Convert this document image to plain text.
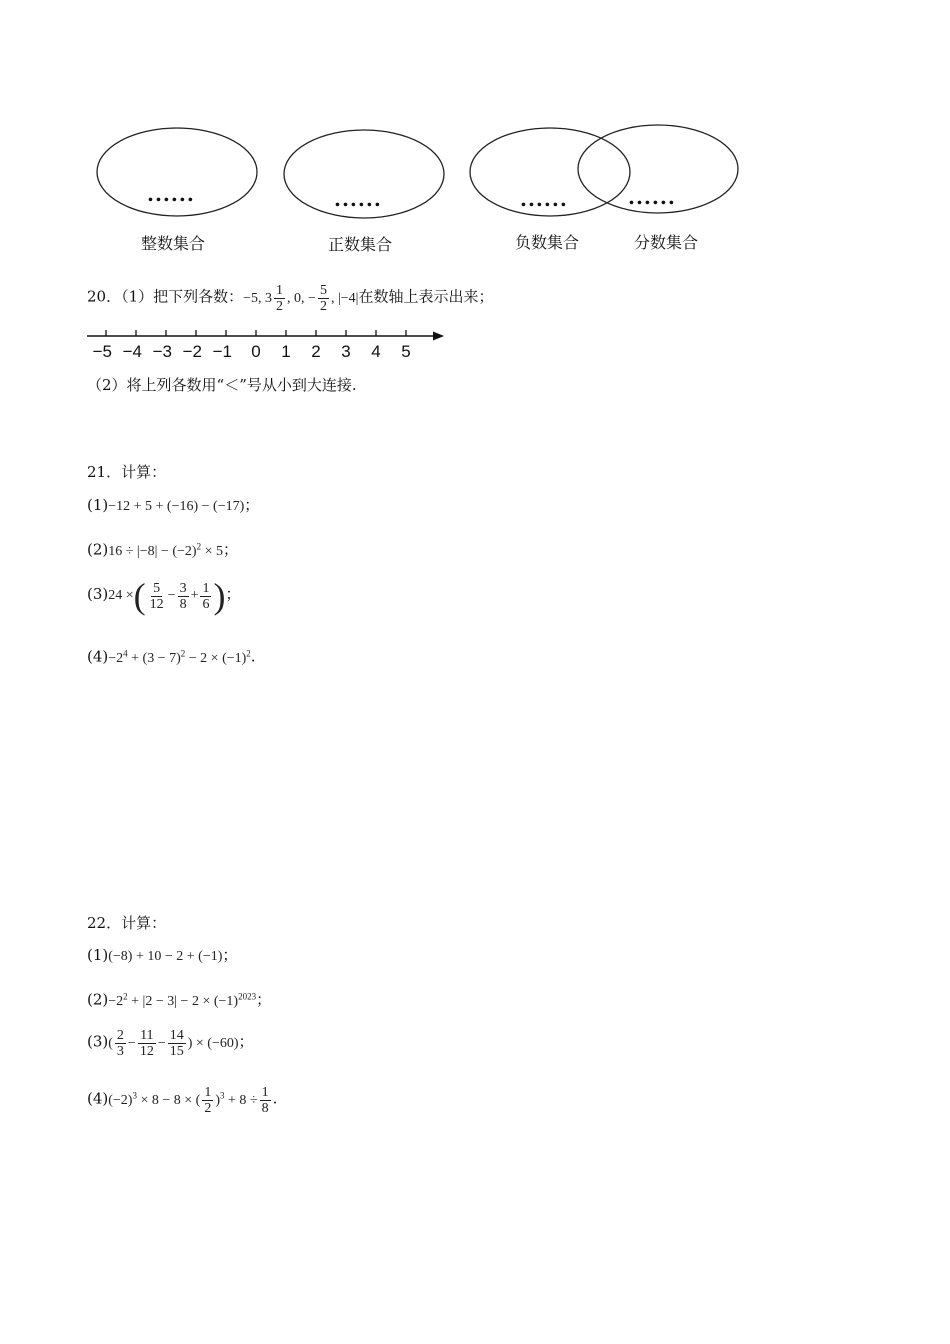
......	......	......	......
整数集合	正数集合	负数集合	分数集合
20．（1）把下列各数：−5, $3 \frac{1}{2}$ , 0, − $\frac{5}{2}$ , |−4|在数轴上表示出来；
−5 −4 −3 −2 −1 0 1 2 3 4 5
（2）将上列各数用“＜”号从小到大连接.
21．计算：
(1)−12 + 5 + (−16) − (−17)；
$(2)16 \div |-8| - (-2)^2 \times 5$；
(3)24 ×( $\frac{5}{12} - \frac{3}{8} + \frac{1}{6}$ )；
$(4)-2^4 + (3 - 7)^2 - 2 \times (-1)^2$.
22．计算：
(1)(−8) + 10 − 2 + (−1)；
$(2)-2^2 + |2 - 3| - 2 \times (-1)^{2023}$；
$(3)( \frac{2}{3} - \frac{11}{12} - \frac{14}{15}$ ) × (−60)；
$(4)(-2)^3 \times 8 - 8$ × ( $\frac{1}{2} )^3 + 8 \div \frac{1}{8}$ .
